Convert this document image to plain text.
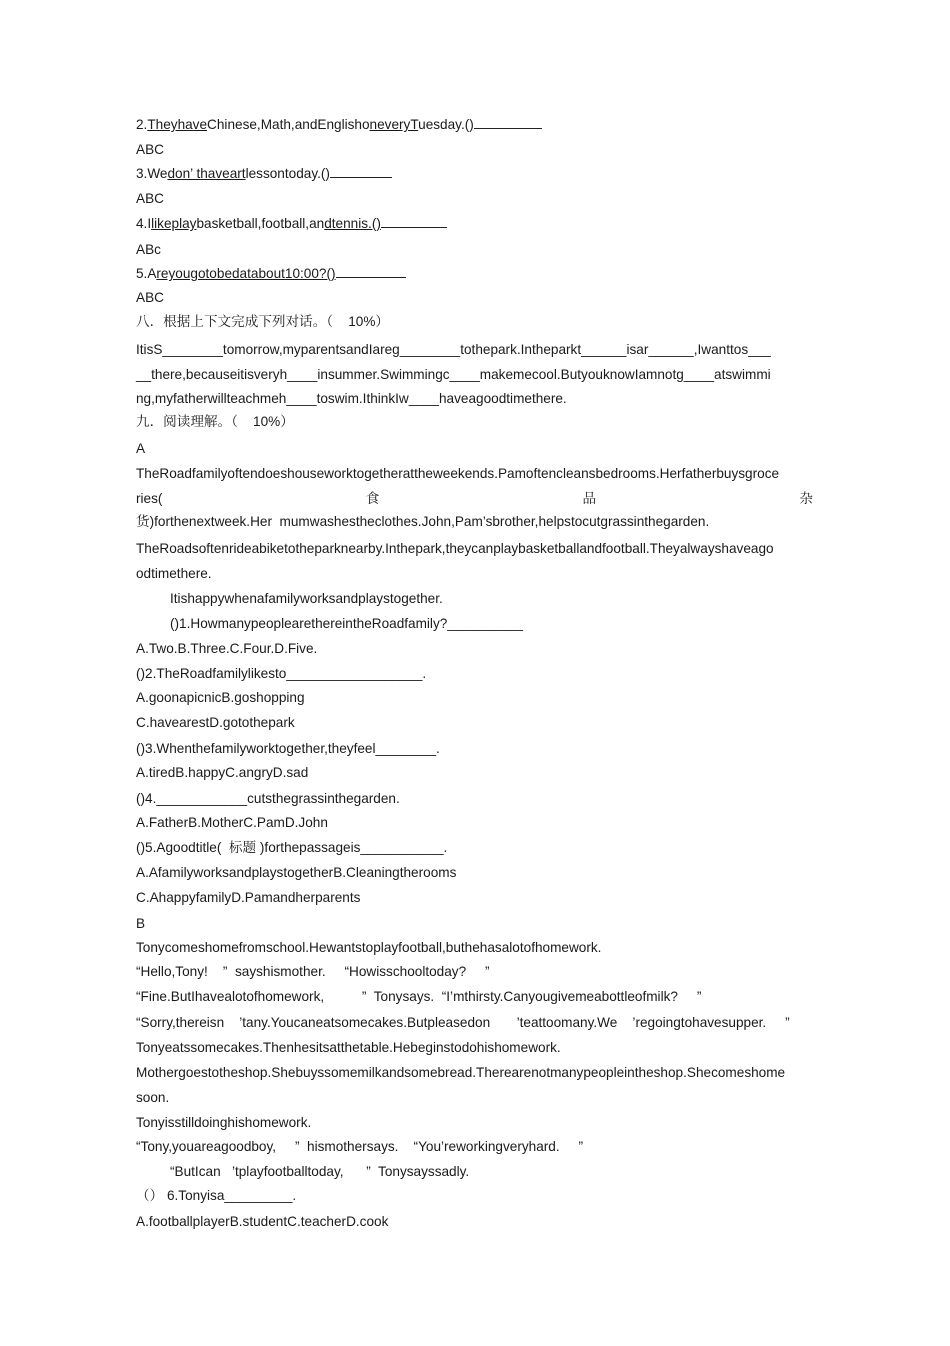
2.TheyhaveChinese,Math,andEnglishoneveryTuesday.()
ABC
3.Wedon’ thaveartlessontoday.()
ABC
4.Ilikeplaybasketball,football,andtennis.()
ABc
5.Areyougotobedatabout10:00?()
ABC
八．根据上下文完成下列对话。（    10%）
ItisS________tomorrow,myparentsandIareg________tothepark.Intheparkt______isar______,Iwanttos___
__there,becauseitisveryh____insummer.Swimmingc____makemecool.ButyouknowIamnotg____atswimmi
ng,myfatherwillteachmeh____toswim.IthinkIw____haveagoodtimethere.
九．阅读理解。（    10%）
A
TheRoadfamilyoftendoeshouseworktogetherattheweekends.Pamoftencleansbedrooms.Herfatherbuysgroce
ries(	食	品	杂
货)forthenextweek.Her  mumwashestheclothes.John,Pam’sbrother,helpstocutgrassinthegarden.
TheRoadsoftenrideabiketotheparknearby.Inthepark,theycanplaybasketballandfootball.Theyalwayshaveago
odtimethere.
Itishappywhenafamilyworksandplaystogether.
()1.HowmanypeoplearethereintheRoadfamily?__________
A.Two.B.Three.C.Four.D.Five.
()2.TheRoadfamilylikesto__________________.
A.goonapicnicB.goshopping
C.havearestD.gotothepark
()3.Whenthefamilyworktogether,theyfeel________.
A.tiredB.happyC.angryD.sad
()4.____________cutsthegrassinthegarden.
A.FatherB.MotherC.PamD.John
()5.Agoodtitle(  标题 )forthepassageis___________.
A.AfamilyworksandplaystogetherB.Cleaningtherooms
C.AhappyfamilyD.Pamandherparents
B
Tonycomeshomefromschool.Hewantstoplayfootball,buthehasalotofhomework.
“Hello,Tony!    ”  sayshismother.     “Howisschooltoday?     ”
“Fine.ButIhavealotofhomework,          ”  Tonysays.  “I’mthirsty.Canyougivemeabottleofmilk?     ”
“Sorry,thereisn    ’tany.Youcaneatsomecakes.Butpleasedon       ’teattoomany.We    ’regoingtohavesupper.     ”
Tonyeatssomecakes.Thenhesitsatthetable.Hebeginstodohishomework.
Mothergoestotheshop.Shebuyssomemilkandsomebread.Therearenotmanypeopleintheshop.Shecomeshome
soon.
Tonyisstilldoinghishomework.
“Tony,youareagoodboy,     ”  hismothersays.    “You’reworkingveryhard.     ”
“ButIcan   ’tplayfootballtoday,      ”  Tonysayssadly.
（） 6.Tonyisa_________.
A.footballplayerB.studentC.teacherD.cook
